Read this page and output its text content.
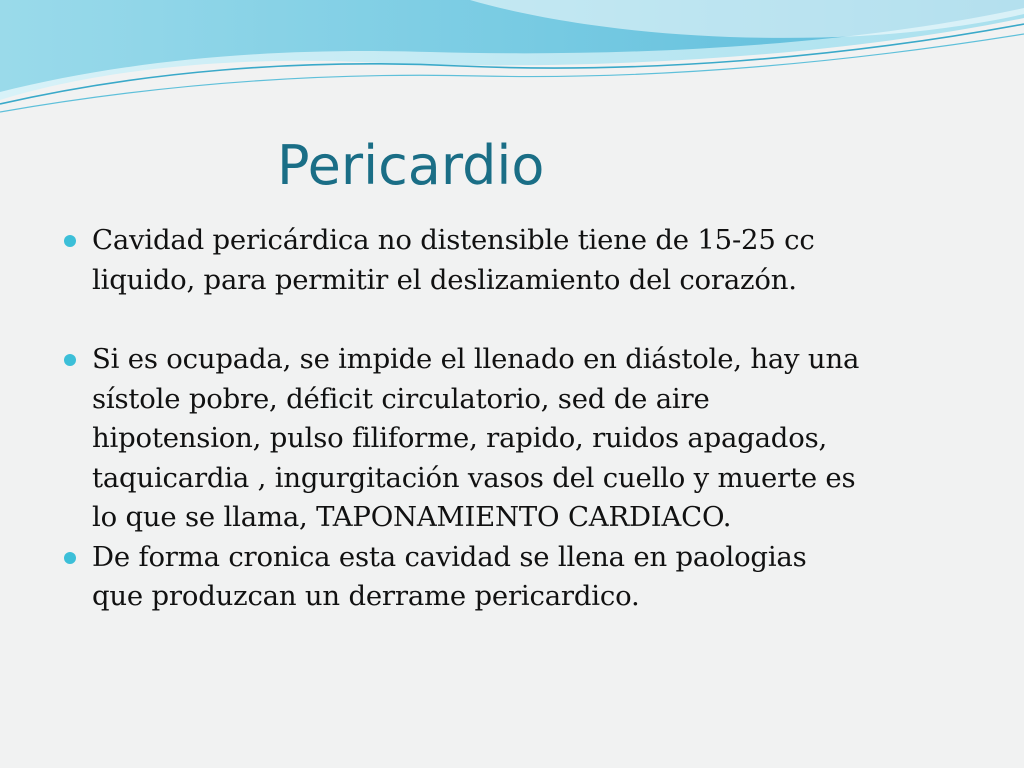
Pericardio
Cavidad pericárdica no distensible tiene de 15-25 cc
liquido, para permitir el deslizamiento del corazón.
Si es ocupada, se impide el llenado en diástole, hay una
sístole pobre, déficit circulatorio, sed de aire
hipotension, pulso filiforme, rapido, ruidos apagados,
taquicardia , ingurgitación vasos del cuello y muerte es
lo que se llama, TAPONAMIENTO CARDIACO.
De forma cronica esta cavidad se llena en paologias
que produzcan un derrame pericardico.
